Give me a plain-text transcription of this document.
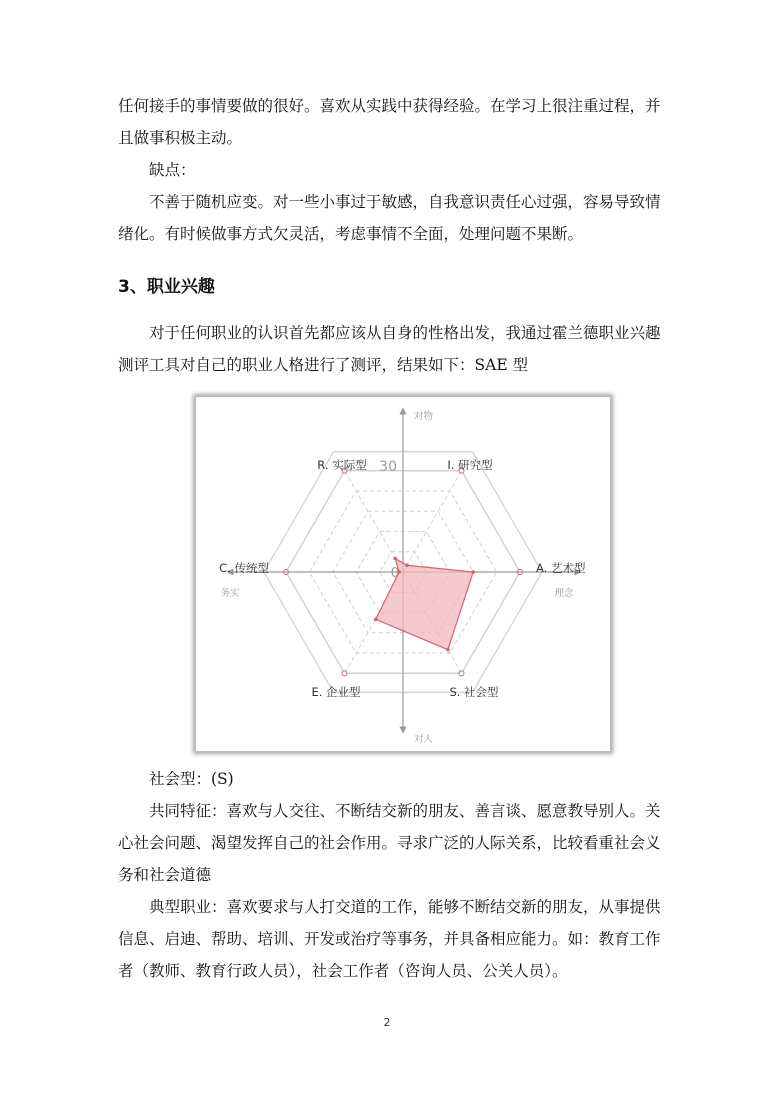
任何接手的事情要做的很好。喜欢从实践中获得经验。在学习上很注重过程，并
且做事积极主动。
缺点：
不善于随机应变。对一些小事过于敏感，自我意识责任心过强，容易导致情
绪化。有时候做事方式欠灵活，考虑事情不全面，处理问题不果断。
3、职业兴趣
对于任何职业的认识首先都应该从自身的性格出发，我通过霍兰德职业兴趣
测评工具对自己的职业人格进行了测评，结果如下：SAE 型
30
0
R. 实际型	I. 研究型
A. 艺术型
S. 社会型
E. 企业型
C. 传统型
对物
对人
理念
务实
社会型：(S)
共同特征：喜欢与人交往、不断结交新的朋友、善言谈、愿意教导别人。关
心社会问题、渴望发挥自己的社会作用。寻求广泛的人际关系，比较看重社会义
务和社会道德
典型职业：喜欢要求与人打交道的工作，能够不断结交新的朋友，从事提供
信息、启迪、帮助、培训、开发或治疗等事务，并具备相应能力。如：教育工作
者（教师、教育行政人员），社会工作者（咨询人员、公关人员）。
2
